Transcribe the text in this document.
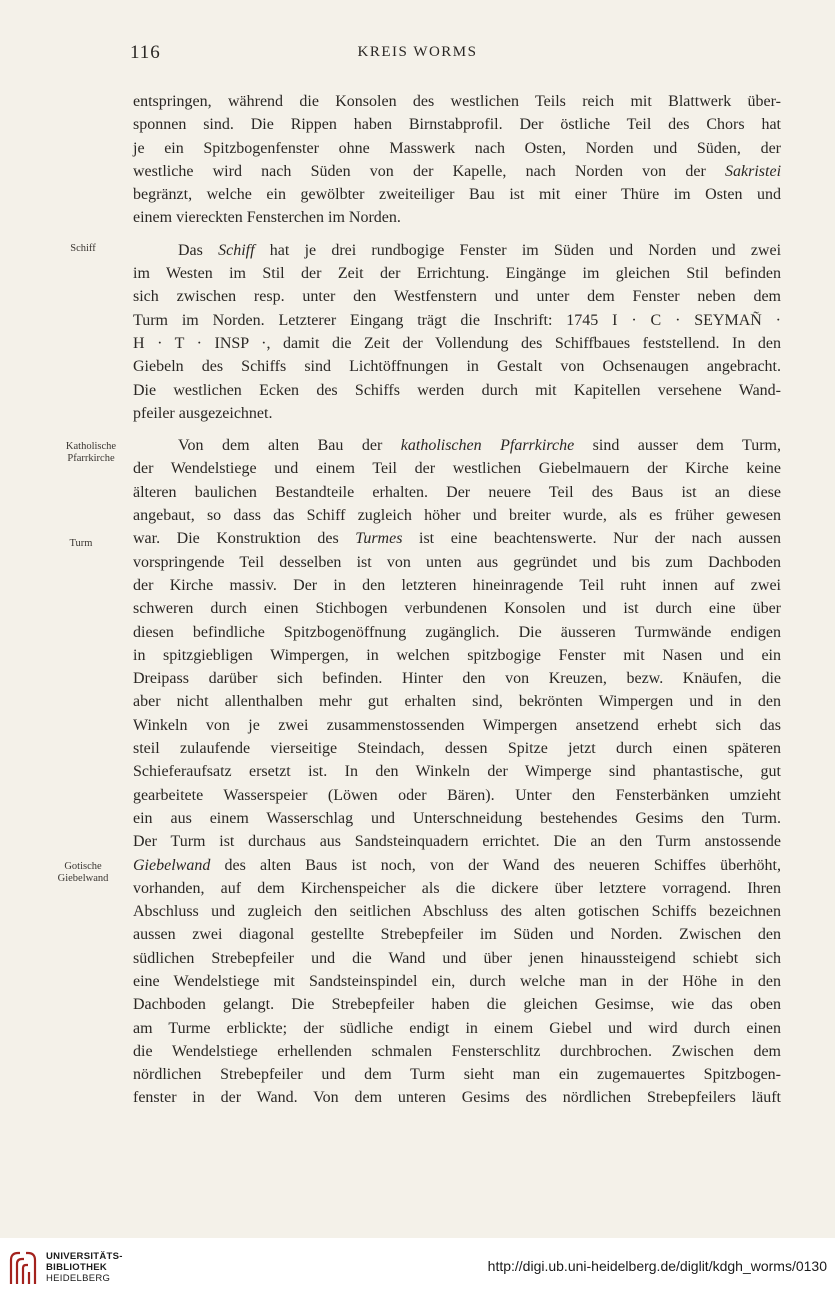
116	KREIS WORMS
Schiff
Katholische
Pfarrkirche
Turm
Gotische
Giebelwand

entspringen, während die Konsolen des westlichen Teils reich mit Blattwerk über-

sponnen sind. Die Rippen haben Birnstabprofil. Der östliche Teil des Chors hat

je ein Spitzbogenfenster ohne Masswerk nach Osten, Norden und Süden, der

westliche wird nach Süden von der Kapelle, nach Norden von der Sakristei

begränzt, welche ein gewölbter zweiteiliger Bau ist mit einer Thüre im Osten und

einem viereckten Fensterchen im Norden.

Das Schiff hat je drei rundbogige Fenster im Süden und Norden und zwei

im Westen im Stil der Zeit der Errichtung. Eingänge im gleichen Stil befinden

sich zwischen resp. unter den Westfenstern und unter dem Fenster neben dem

Turm im Norden. Letzterer Eingang trägt die Inschrift: 1745 I · C · SEYMAÑ ·

H · T · INSP ·, damit die Zeit der Vollendung des Schiffbaues feststellend. In den

Giebeln des Schiffs sind Lichtöffnungen in Gestalt von Ochsenaugen angebracht.

Die westlichen Ecken des Schiffs werden durch mit Kapitellen versehene Wand-

pfeiler ausgezeichnet.

Von dem alten Bau der katholischen Pfarrkirche sind ausser dem Turm,

der Wendelstiege und einem Teil der westlichen Giebelmauern der Kirche keine

älteren baulichen Bestandteile erhalten. Der neuere Teil des Baus ist an diese

angebaut, so dass das Schiff zugleich höher und breiter wurde, als es früher gewesen

war. Die Konstruktion des Turmes ist eine beachtenswerte. Nur der nach aussen

vorspringende Teil desselben ist von unten aus gegründet und bis zum Dachboden

der Kirche massiv. Der in den letzteren hineinragende Teil ruht innen auf zwei

schweren durch einen Stichbogen verbundenen Konsolen und ist durch eine über

diesen befindliche Spitzbogenöffnung zugänglich. Die äusseren Turmwände endigen

in spitzgiebligen Wimpergen, in welchen spitzbogige Fenster mit Nasen und ein

Dreipass darüber sich befinden. Hinter den von Kreuzen, bezw. Knäufen, die

aber nicht allenthalben mehr gut erhalten sind, bekrönten Wimpergen und in den

Winkeln von je zwei zusammenstossenden Wimpergen ansetzend erhebt sich das

steil zulaufende vierseitige Steindach, dessen Spitze jetzt durch einen späteren

Schieferaufsatz ersetzt ist. In den Winkeln der Wimperge sind phantastische, gut

gearbeitete Wasserspeier (Löwen oder Bären). Unter den Fensterbänken umzieht

ein aus einem Wasserschlag und Unterschneidung bestehendes Gesims den Turm.

Der Turm ist durchaus aus Sandsteinquadern errichtet. Die an den Turm anstossende

Giebelwand des alten Baus ist noch, von der Wand des neueren Schiffes überhöht,

vorhanden, auf dem Kirchenspeicher als die dickere über letztere vorragend. Ihren

Abschluss und zugleich den seitlichen Abschluss des alten gotischen Schiffs bezeichnen

aussen zwei diagonal gestellte Strebepfeiler im Süden und Norden. Zwischen den

südlichen Strebepfeiler und die Wand und über jenen hinaussteigend schiebt sich

eine Wendelstiege mit Sandsteinspindel ein, durch welche man in der Höhe in den

Dachboden gelangt. Die Strebepfeiler haben die gleichen Gesimse, wie das oben

am Turme erblickte; der südliche endigt in einem Giebel und wird durch einen

die Wendelstiege erhellenden schmalen Fensterschlitz durchbrochen. Zwischen dem

nördlichen Strebepfeiler und dem Turm sieht man ein zugemauertes Spitzbogen-

fenster in der Wand. Von dem unteren Gesims des nördlichen Strebepfeilers läuft

UNIVERSITÄTS-
BIBLIOTHEK
HEIDELBERG
http://digi.ub.uni-heidelberg.de/diglit/kdgh_worms/0130
